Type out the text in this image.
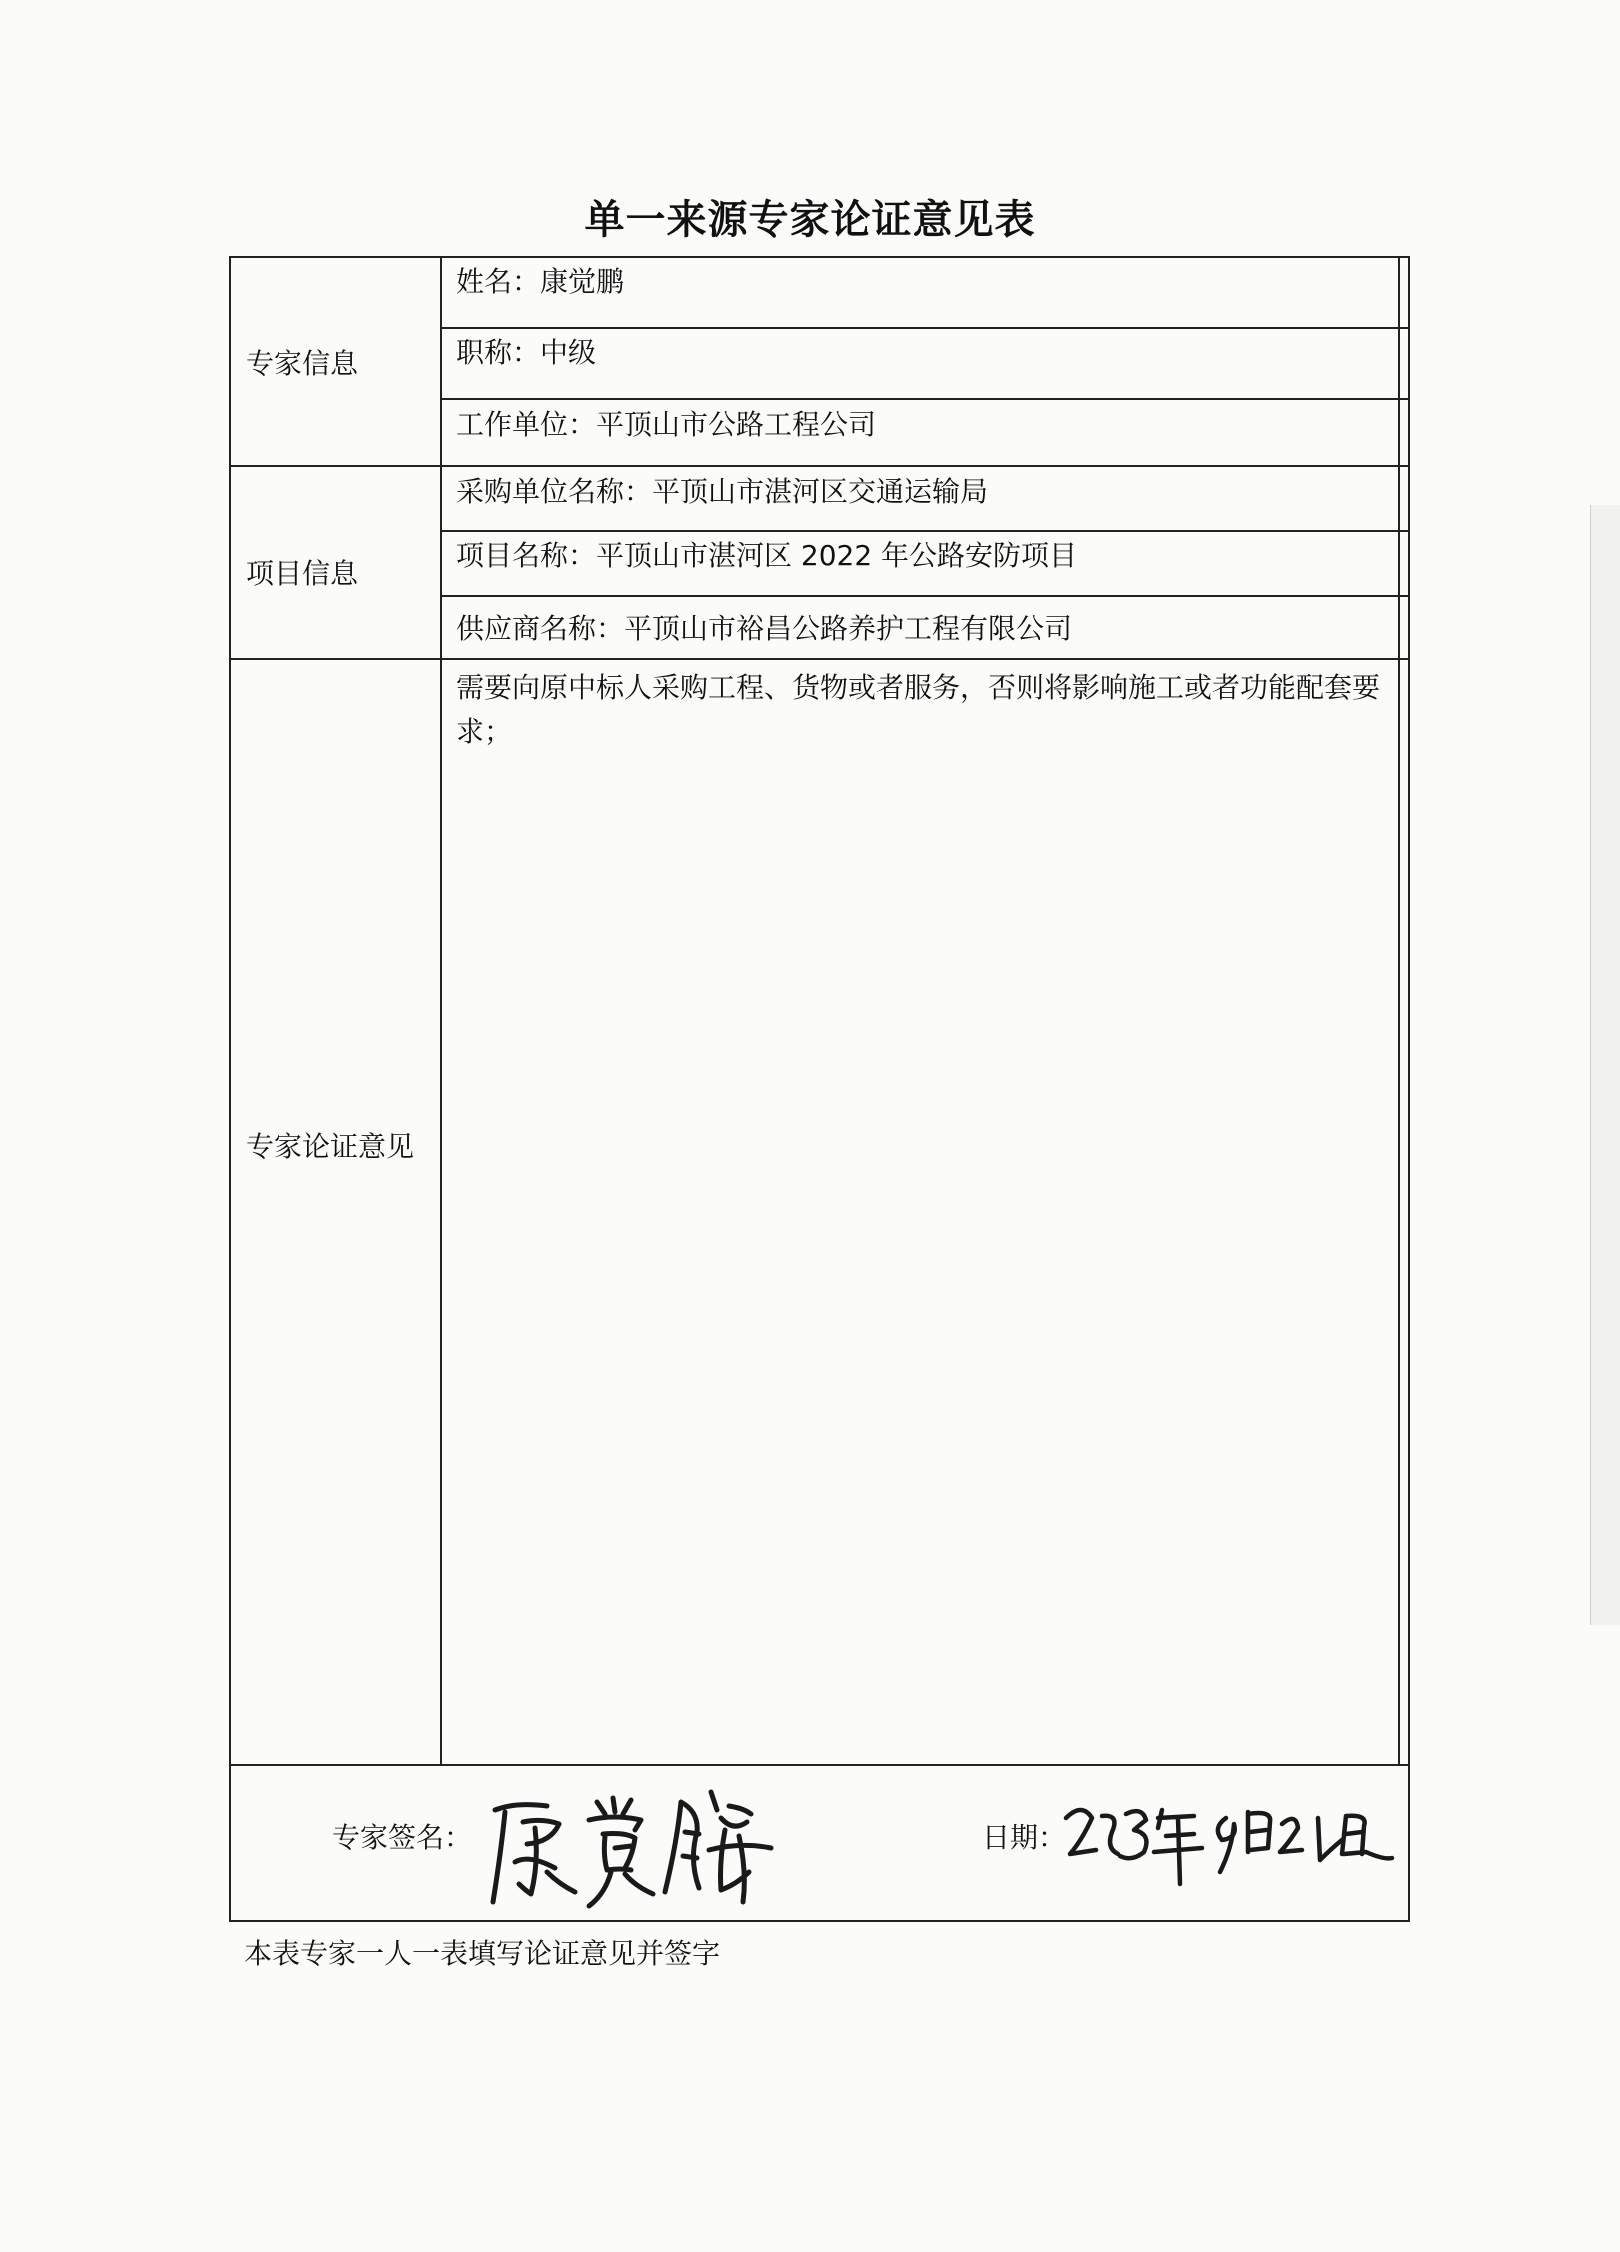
单一来源专家论证意见表
专家信息
项目信息
专家论证意见
姓名：康觉鹏
职称：中级
工作单位：平顶山市公路工程公司
采购单位名称：平顶山市湛河区交通运输局
项目名称：平顶山市湛河区 2022 年公路安防项目
供应商名称：平顶山市裕昌公路养护工程有限公司
需要向原中标人采购工程、货物或者服务，否则将影响施工或者功能配套要求；
专家签名：	日期：
本表专家一人一表填写论证意见并签字
